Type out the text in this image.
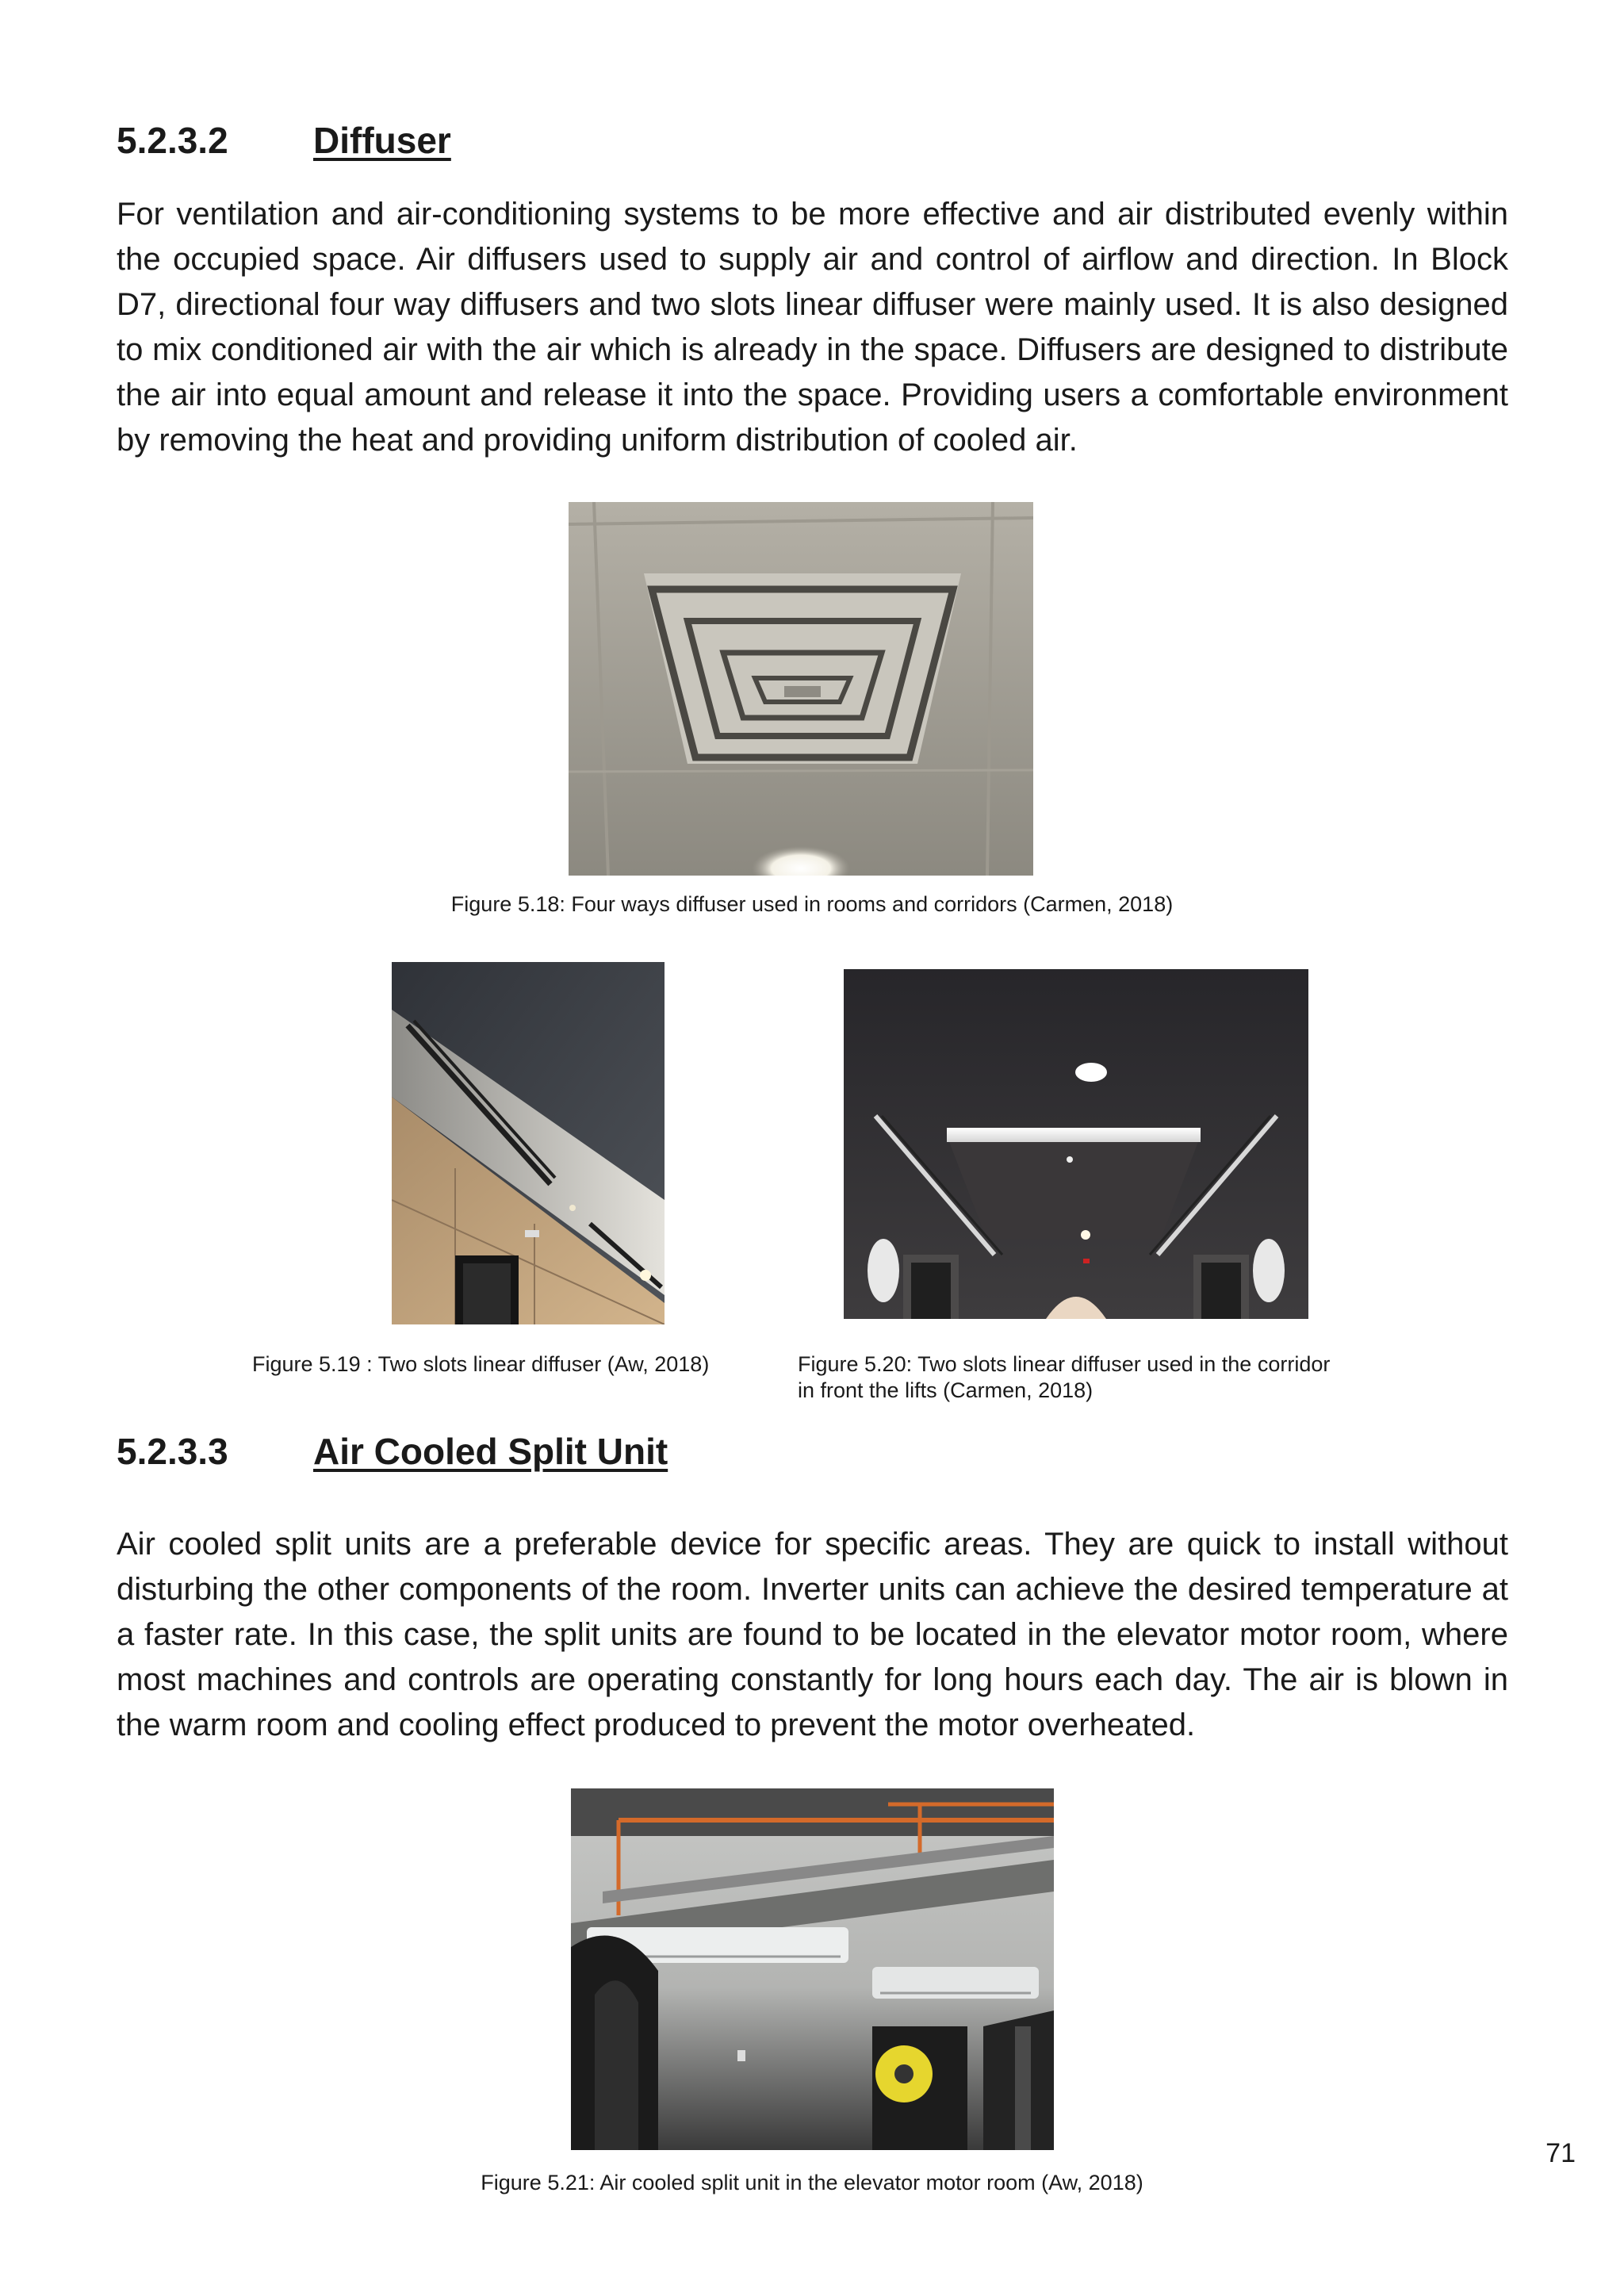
5.2.3.2 Diffuser

For ventilation and air-conditioning systems to be more effective and air distributed evenly within the occupied space. Air diffusers used to supply air and control of airflow and direction. In Block D7, directional four way diffusers and two slots linear diffuser were mainly used. It is also designed to mix conditioned air with the air which is already in the space. Diffusers are designed to distribute the air into equal amount and release it into the space. Providing users a comfortable environment by removing the heat and providing uniform distribution of cooled air.

Figure 5.18: Four ways diffuser used in rooms and corridors (Carmen, 2018)
Figure 5.19 : Two slots linear diffuser (Aw, 2018)	Figure 5.20: Two slots linear diffuser used in the corridor
in front the lifts (Carmen, 2018)
5.2.3.3 Air Cooled Split Unit

Air cooled split units are a preferable device for specific areas. They are quick to install without disturbing the other components of the room. Inverter units can achieve the desired temperature at a faster rate. In this case, the split units are found to be located in the elevator motor room, where most machines and controls are operating constantly for long hours each day. The air is blown in the warm room and cooling effect produced to prevent the motor overheated.

Figure 5.21: Air cooled split unit in the elevator motor room (Aw, 2018)
71
